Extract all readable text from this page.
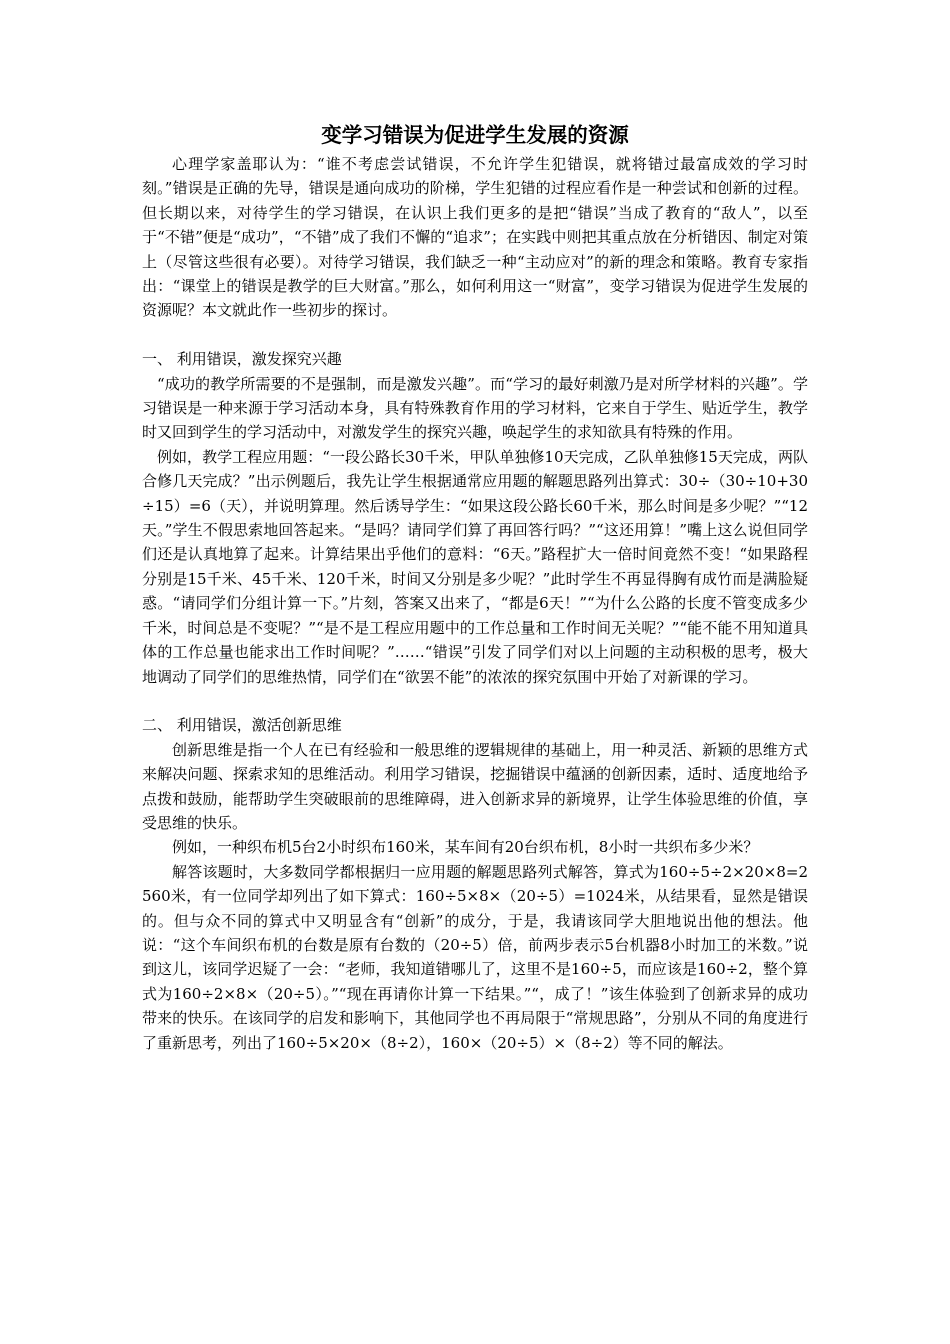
变学习错误为促进学生发展的资源

心理学家盖耶认为：“谁不考虑尝试错误，不允许学生犯错误，就将错过最富成效的学习时刻。”错误是正确的先导，错误是通向成功的阶梯，学生犯错的过程应看作是一种尝试和创新的过程。但长期以来，对待学生的学习错误，在认识上我们更多的是把“错误”当成了教育的“敌人”，以至于“不错”便是“成功”，“不错”成了我们不懈的“追求”；在实践中则把其重点放在分析错因、制定对策上（尽管这些很有必要）。对待学习错误，我们缺乏一种“主动应对”的新的理念和策略。教育专家指出：“课堂上的错误是教学的巨大财富。”那么，如何利用这一“财富”，变学习错误为促进学生发展的资源呢？本文就此作一些初步的探讨。

一、 利用错误，激发探究兴趣

“成功的教学所需要的不是强制，而是激发兴趣”。而“学习的最好刺激乃是对所学材料的兴趣”。学习错误是一种来源于学习活动本身，具有特殊教育作用的学习材料，它来自于学生、贴近学生，教学时又回到学生的学习活动中，对激发学生的探究兴趣，唤起学生的求知欲具有特殊的作用。

例如，教学工程应用题：“一段公路长30千米，甲队单独修10天完成，乙队单独修15天完成，两队合修几天完成？”出示例题后，我先让学生根据通常应用题的解题思路列出算式：30÷（30÷10+30÷15）=6（天），并说明算理。然后诱导学生：“如果这段公路长60千米，那么时间是多少呢？”“12天。”学生不假思索地回答起来。“是吗？请同学们算了再回答行吗？”“这还用算！”嘴上这么说但同学们还是认真地算了起来。计算结果出乎他们的意料：“6天。”路程扩大一倍时间竟然不变！“如果路程分别是15千米、45千米、120千米，时间又分别是多少呢？”此时学生不再显得胸有成竹而是满脸疑惑。“请同学们分组计算一下。”片刻，答案又出来了，“都是6天！”“为什么公路的长度不管变成多少千米，时间总是不变呢？”“是不是工程应用题中的工作总量和工作时间无关呢？”“能不能不用知道具体的工作总量也能求出工作时间呢？”……“错误”引发了同学们对以上问题的主动积极的思考，极大地调动了同学们的思维热情，同学们在“欲罢不能”的浓浓的探究氛围中开始了对新课的学习。

二、 利用错误，激活创新思维

创新思维是指一个人在已有经验和一般思维的逻辑规律的基础上，用一种灵活、新颖的思维方式来解决问题、探索求知的思维活动。利用学习错误，挖掘错误中蕴涵的创新因素，适时、适度地给予点拨和鼓励，能帮助学生突破眼前的思维障碍，进入创新求异的新境界，让学生体验思维的价值，享受思维的快乐。

例如，一种织布机5台2小时织布160米，某车间有20台织布机，8小时一共织布多少米？

解答该题时，大多数同学都根据归一应用题的解题思路列式解答，算式为160÷5÷2×20×8=2560米，有一位同学却列出了如下算式：160÷5×8×（20÷5）=1024米，从结果看，显然是错误的。但与众不同的算式中又明显含有“创新”的成分，于是，我请该同学大胆地说出他的想法。他说：“这个车间织布机的台数是原有台数的（20÷5）倍，前两步表示5台机器8小时加工的米数。”说到这儿，该同学迟疑了一会：“老师，我知道错哪儿了，这里不是160÷5，而应该是160÷2，整个算式为160÷2×8×（20÷5）。”“现在再请你计算一下结果。”“，成了！”该生体验到了创新求异的成功带来的快乐。在该同学的启发和影响下，其他同学也不再局限于“常规思路”，分别从不同的角度进行了重新思考，列出了160÷5×20×（8÷2），160×（20÷5）×（8÷2）等不同的解法。
